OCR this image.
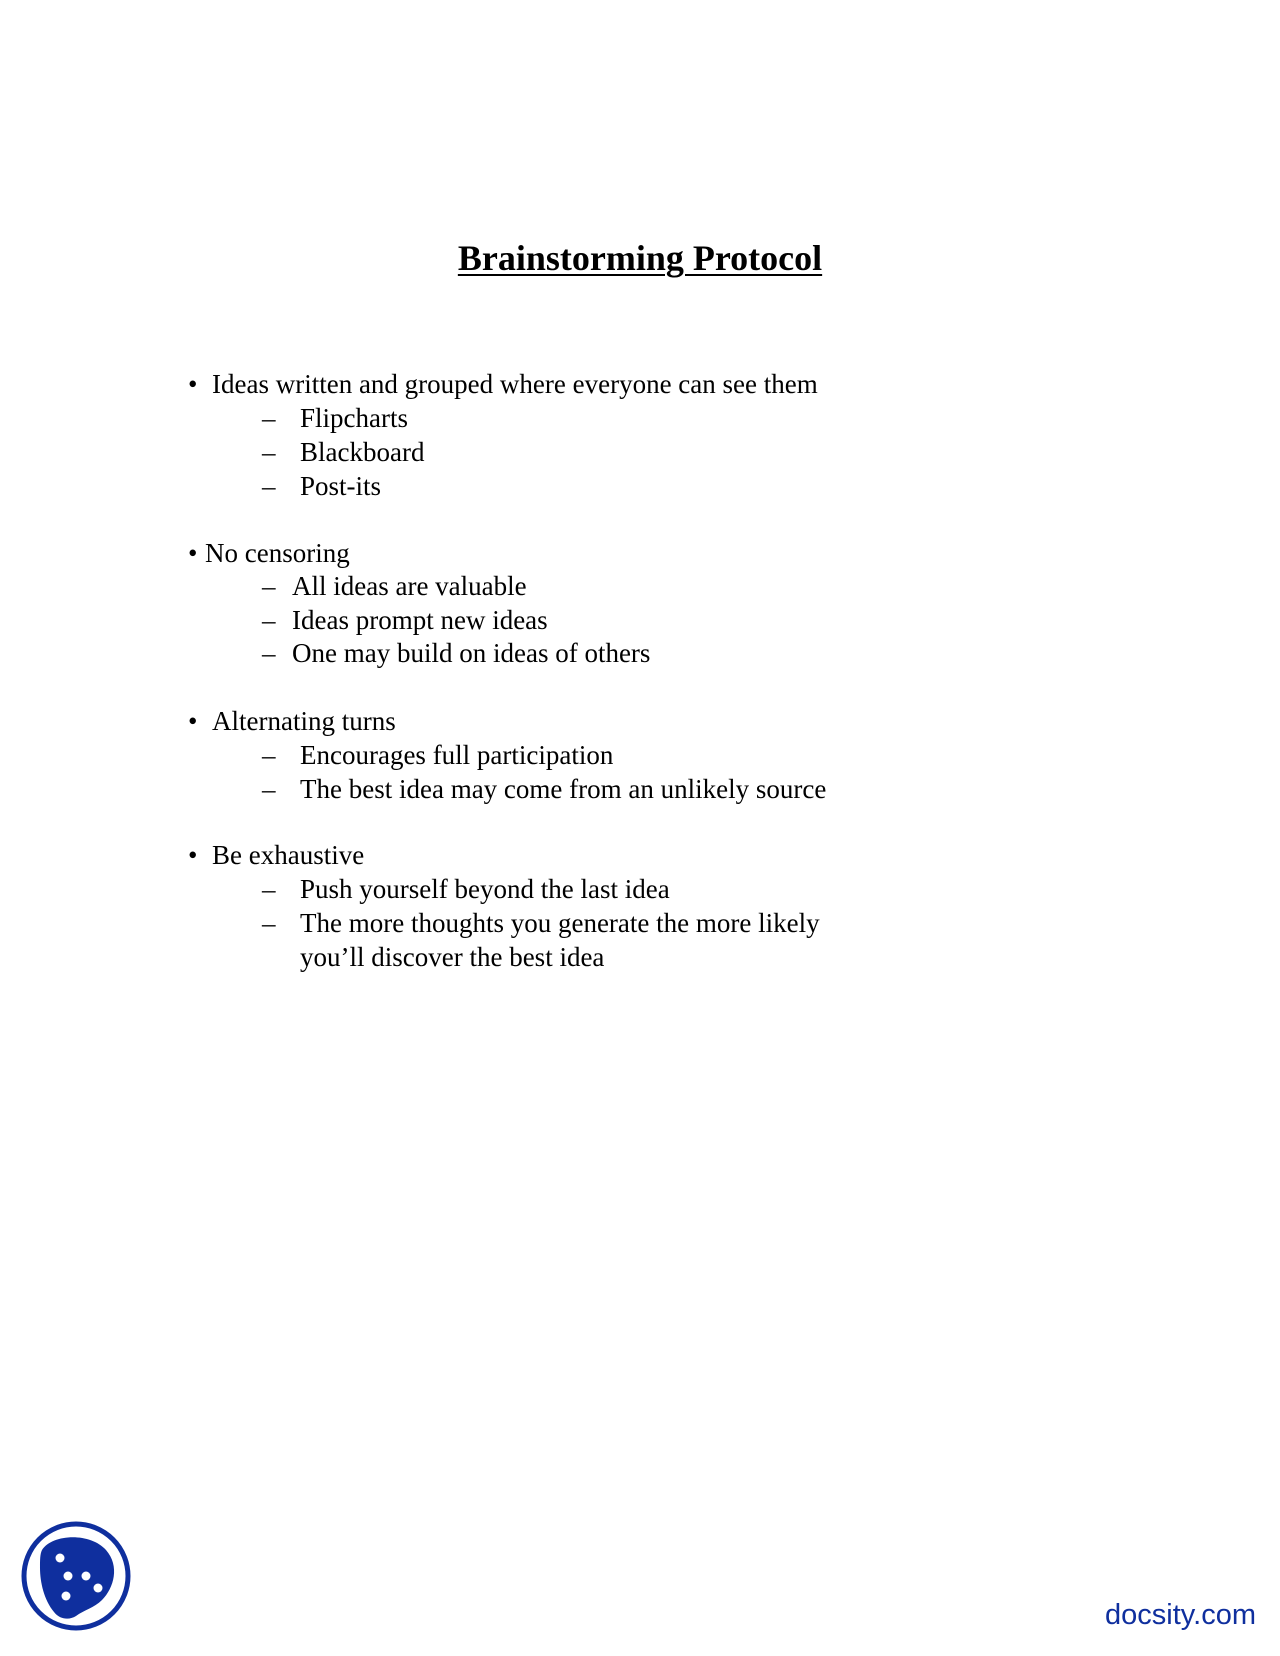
Brainstorming Protocol
• Ideas written and grouped where everyone can see them
– Flipcharts
– Blackboard
– Post-its
• No censoring
– All ideas are valuable
– Ideas prompt new ideas
– One may build on ideas of others
• Alternating turns
– Encourages full participation
– The best idea may come from an unlikely source
• Be exhaustive
– Push yourself beyond the last idea
– The more thoughts you generate the more likely
you’ll discover the best idea
docsity.com
